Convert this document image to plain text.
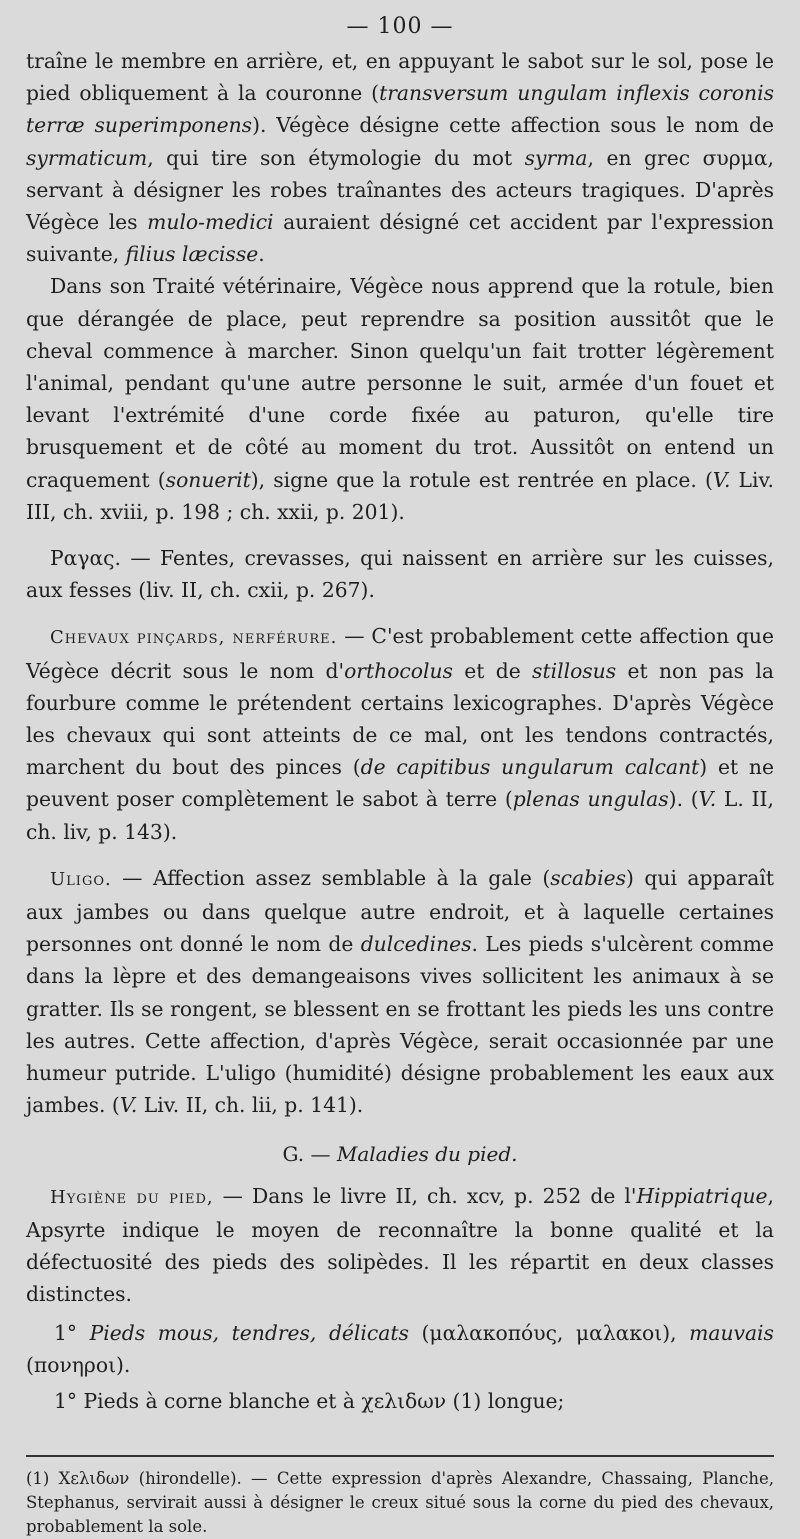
— 100 —

traîne le membre en arrière, et, en appuyant le sabot sur le sol, pose le pied obliquement à la couronne (transversum ungulam inflexis coronis terræ superimponens). Végèce désigne cette affection sous le nom de syrmaticum, qui tire son étymologie du mot syrma, en grec συρμα, servant à désigner les robes traînantes des acteurs tragiques. D'après Végèce les mulo-medici auraient désigné cet accident par l'expression suivante, filius læcisse.

Dans son Traité vétérinaire, Végèce nous apprend que la rotule, bien que dérangée de place, peut reprendre sa position aussitôt que le cheval commence à marcher. Sinon quelqu'un fait trotter légèrement l'animal, pendant qu'une autre personne le suit, armée d'un fouet et levant l'extrémité d'une corde fixée au paturon, qu'elle tire brusquement et de côté au moment du trot. Aussitôt on entend un craquement (sonuerit), signe que la rotule est rentrée en place. (V. Liv. III, ch. xviii, p. 198 ; ch. xxii, p. 201).

Ραγας. — Fentes, crevasses, qui naissent en arrière sur les cuisses, aux fesses (liv. II, ch. cxii, p. 267).

Chevaux pinçards, nerférure. — C'est probablement cette affection que Végèce décrit sous le nom d'orthocolus et de stillosus et non pas la fourbure comme le prétendent certains lexicographes. D'après Végèce les chevaux qui sont atteints de ce mal, ont les tendons contractés, marchent du bout des pinces (de capitibus ungularum calcant) et ne peuvent poser complètement le sabot à terre (plenas ungulas). (V. L. II, ch. liv, p. 143).

Uligo. — Affection assez semblable à la gale (scabies) qui apparaît aux jambes ou dans quelque autre endroit, et à laquelle certaines personnes ont donné le nom de dulcedines. Les pieds s'ulcèrent comme dans la lèpre et des demangeaisons vives sollicitent les animaux à se gratter. Ils se rongent, se blessent en se frottant les pieds les uns contre les autres. Cette affection, d'après Végèce, serait occasionnée par une humeur putride. L'uligo (humidité) désigne probablement les eaux aux jambes. (V. Liv. II, ch. lii, p. 141).

G. — Maladies du pied.

Hygiène du pied, — Dans le livre II, ch. xcv, p. 252 de l'Hippiatrique, Apsyrte indique le moyen de reconnaître la bonne qualité et la défectuosité des pieds des solipèdes. Il les répartit en deux classes distinctes.

1° Pieds mous, tendres, délicats (μαλακοπόυς, μαλακοι), mauvais (πονηροι).

1° Pieds à corne blanche et à χελιδων (1) longue;

(1) Χελιδων (hirondelle). — Cette expression d'après Alexandre, Chassaing, Planche, Stephanus, servirait aussi à désigner le creux situé sous la corne du pied des chevaux, probablement la sole.
